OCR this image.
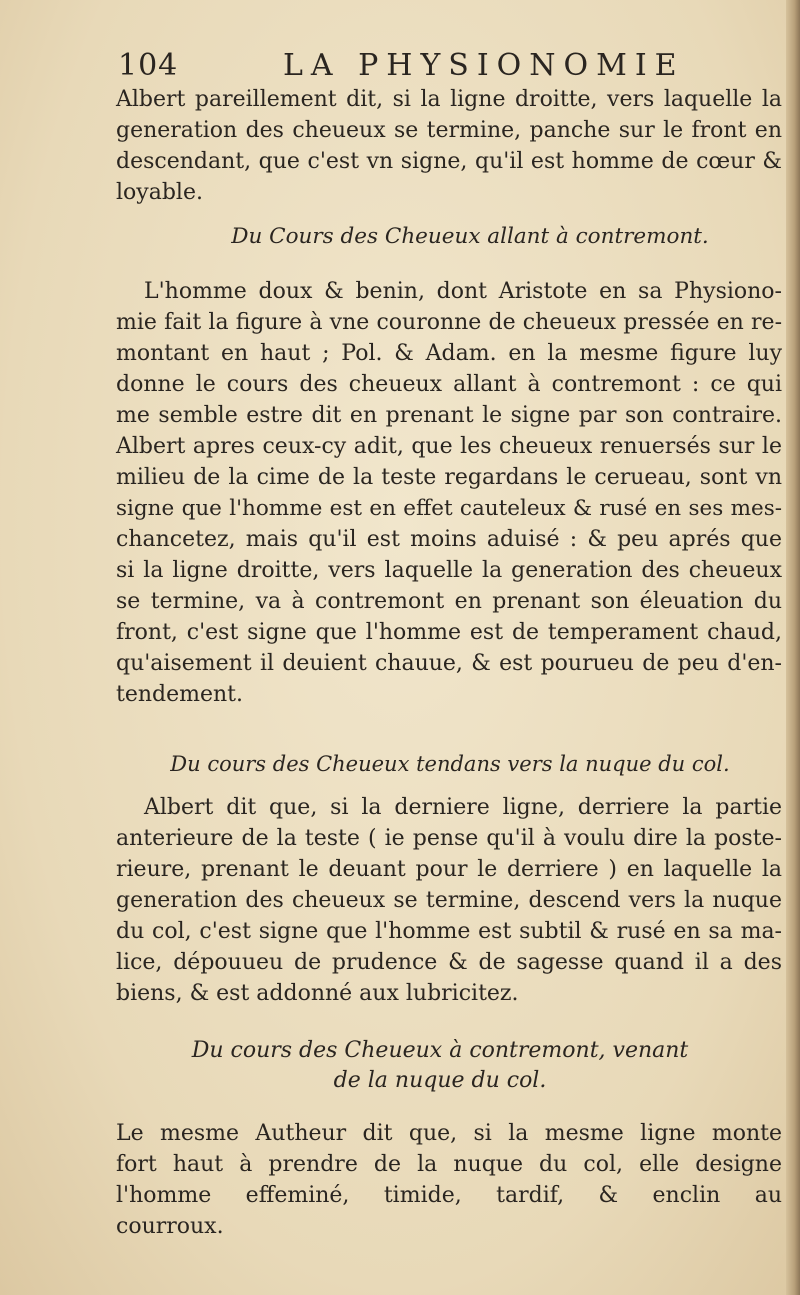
104	LA PHYSIONOMIE
Albert pareillement dit, si la ligne droitte, vers laquelle la
generation des cheueux se termine, panche sur le front en
descendant, que c'est vn signe, qu'il est homme de cœur &
loyable.
Du Cours des Cheueux allant à contremont.
L'homme doux & benin, dont Aristote en sa Physiono-
mie fait la figure à vne couronne de cheueux pressée en re-
montant en haut ; Pol. & Adam. en la mesme figure luy
donne le cours des cheueux allant à contremont : ce qui
me semble estre dit en prenant le signe par son contraire.
Albert apres ceux-cy adit, que les cheueux renuersés sur le
milieu de la cime de la teste regardans le cerueau, sont vn
signe que l'homme est en effet cauteleux & rusé en ses mes-
chancetez, mais qu'il est moins aduisé : & peu aprés que
si la ligne droitte, vers laquelle la generation des cheueux
se termine, va à contremont en prenant son éleuation du
front, c'est signe que l'homme est de temperament chaud,
qu'aisement il deuient chauue, & est pourueu de peu d'en-
tendement.
Du cours des Cheueux tendans vers la nuque du col.
Albert dit que, si la derniere ligne, derriere la partie
anterieure de la teste ( ie pense qu'il à voulu dire la poste-
rieure, prenant le deuant pour le derriere ) en laquelle la
generation des cheueux se termine, descend vers la nuque
du col, c'est signe que l'homme est subtil & rusé en sa ma-
lice, dépouueu de prudence & de sagesse quand il a des
biens, & est addonné aux lubricitez.
Du cours des Cheueux à contremont, venant
de la nuque du col.
Le mesme Autheur dit que, si la mesme ligne monte
fort haut à prendre de la nuque du col, elle designe
l'homme effeminé, timide, tardif, & enclin au
courroux.
